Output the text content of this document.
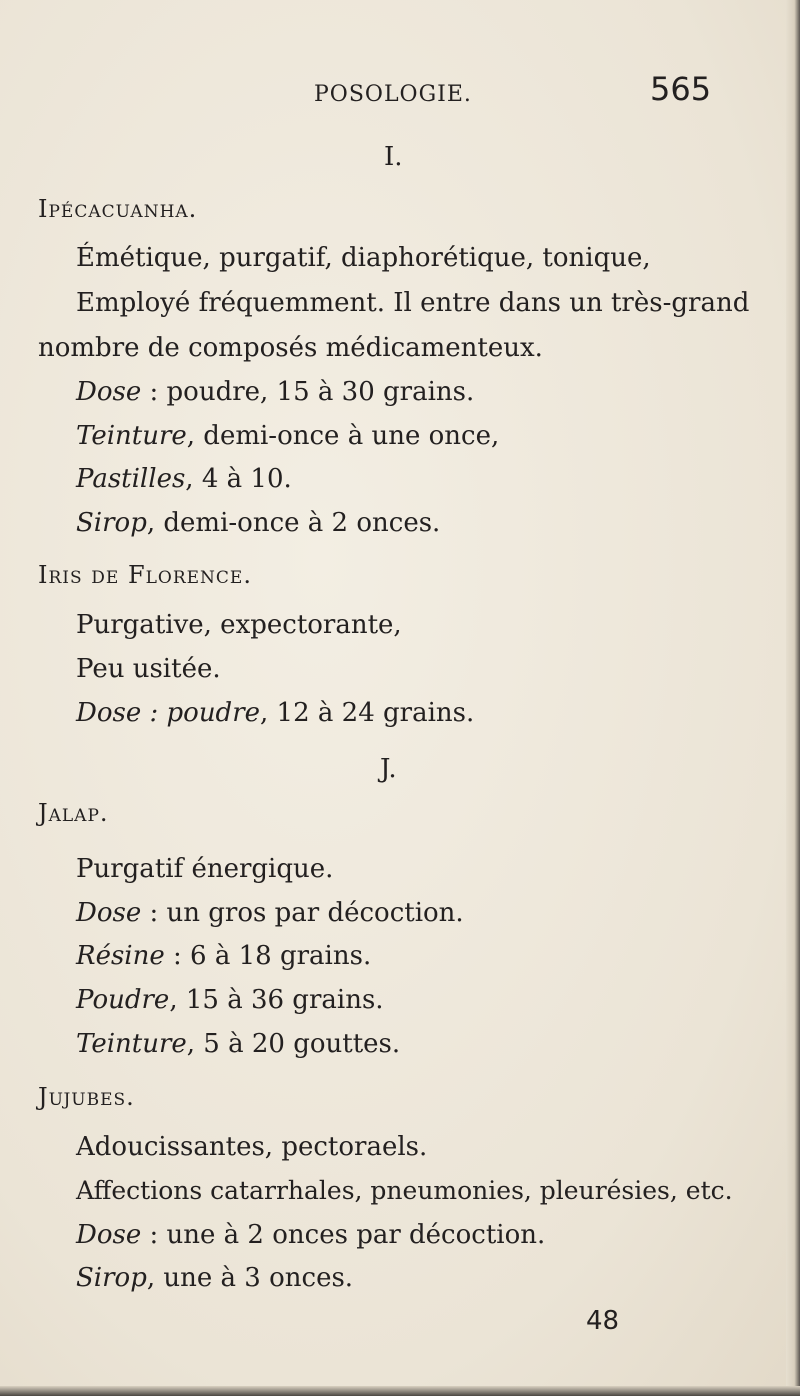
POSOLOGIE.	565
I.
Ipécacuanha.
Émétique, purgatif, diaphorétique, tonique,
Employé fréquemment. Il entre dans un très-grand
nombre de composés médicamenteux.
Dose : poudre, 15 à 30 grains.
Teinture, demi-once à une once,
Pastilles, 4 à 10.
Sirop, demi-once à 2 onces.
Iris de Florence.
Purgative, expectorante,
Peu usitée.
Dose : poudre, 12 à 24 grains.
J.
Jalap.
Purgatif énergique.
Dose : un gros par décoction.
Résine : 6 à 18 grains.
Poudre, 15 à 36 grains.
Teinture, 5 à 20 gouttes.
Jujubes.
Adoucissantes, pectoraels.
Affections catarrhales, pneumonies, pleurésies, etc.
Dose : une à 2 onces par décoction.
Sirop, une à 3 onces.
48
